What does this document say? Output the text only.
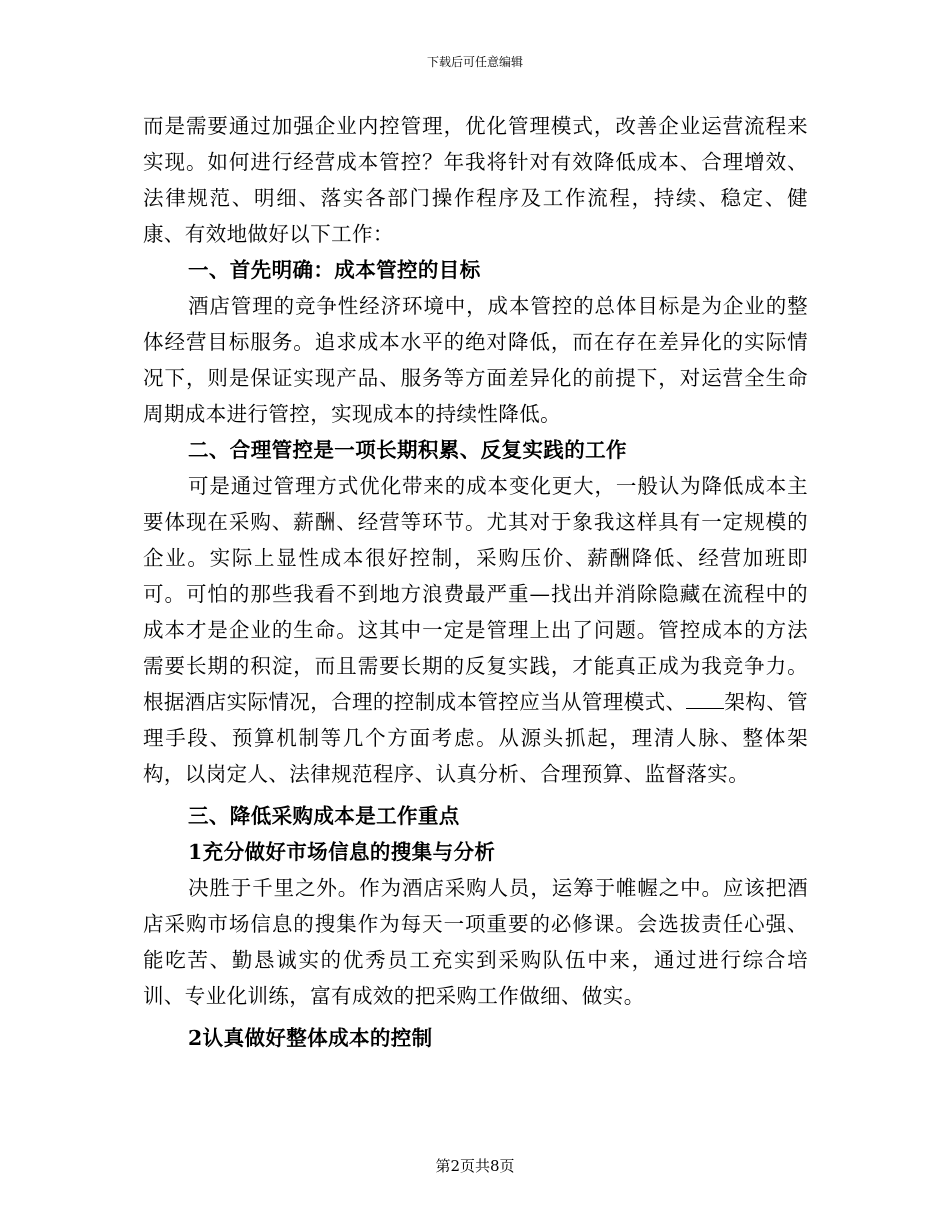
下载后可任意编辑

而是需要通过加强企业内控管理，优化管理模式，改善企业运营流程来实现。如何进行经营成本管控？年我将针对有效降低成本、合理增效、法律规范、明细、落实各部门操作程序及工作流程，持续、稳定、健康、有效地做好以下工作：

一、首先明确：成本管控的目标

酒店管理的竞争性经济环境中，成本管控的总体目标是为企业的整体经营目标服务。追求成本水平的绝对降低，而在存在差异化的实际情况下，则是保证实现产品、服务等方面差异化的前提下，对运营全生命周期成本进行管控，实现成本的持续性降低。

二、合理管控是一项长期积累、反复实践的工作

可是通过管理方式优化带来的成本变化更大，一般认为降低成本主要体现在采购、薪酬、经营等环节。尤其对于象我这样具有一定规模的企业。实际上显性成本很好控制，采购压价、薪酬降低、经营加班即可。可怕的那些我看不到地方浪费最严重—找出并消除隐藏在流程中的成本才是企业的生命。这其中一定是管理上出了问题。管控成本的方法需要长期的积淀，而且需要长期的反复实践，才能真正成为我竞争力。根据酒店实际情况，合理的控制成本管控应当从管理模式、 架构、管理手段、预算机制等几个方面考虑。从源头抓起，理清人脉、整体架构，以岗定人、法律规范程序、认真分析、合理预算、监督落实。

三、降低采购成本是工作重点

1充分做好市场信息的搜集与分析

决胜于千里之外。作为酒店采购人员，运筹于帷幄之中。应该把酒店采购市场信息的搜集作为每天一项重要的必修课。会选拔责任心强、能吃苦、勤恳诚实的优秀员工充实到采购队伍中来，通过进行综合培训、专业化训练，富有成效的把采购工作做细、做实。

2认真做好整体成本的控制

第2页共8页
